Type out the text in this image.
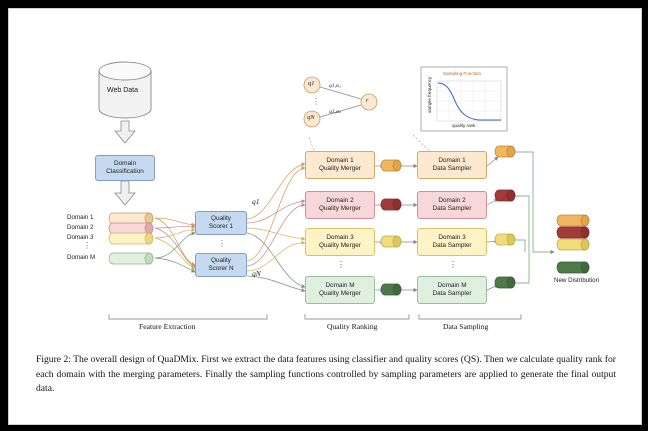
Web Data
Domain
Classification
Domain 1
Domain 2
Domain 3
Domain M
⋮
Quality
Scorer 1
Quality
Scorer N
⋮
q1
qN
Domain 1
Quality Merger
Domain 2
Quality Merger
Domain 3
Quality Merger
Domain M
Quality Merger
⋮
Domain 1
Data Sampler
Domain 2
Data Sampler
Domain 3
Data Sampler
Domain M
Data Sampler
⋮
New Distribution
q1
qN
r
q1,α₁
q1,αₙ
⋮
Sampling Function
quality rank
sample frequency
Feature Extraction	Quality Ranking	Data Sampling
Figure 2: The overall design of QuaDMix. First we extract the data features using classifier and quality scores (QS). Then we calculate quality rank for each domain with the merging parameters. Finally the sampling functions controlled by sampling parameters are applied to generate the final output data.
